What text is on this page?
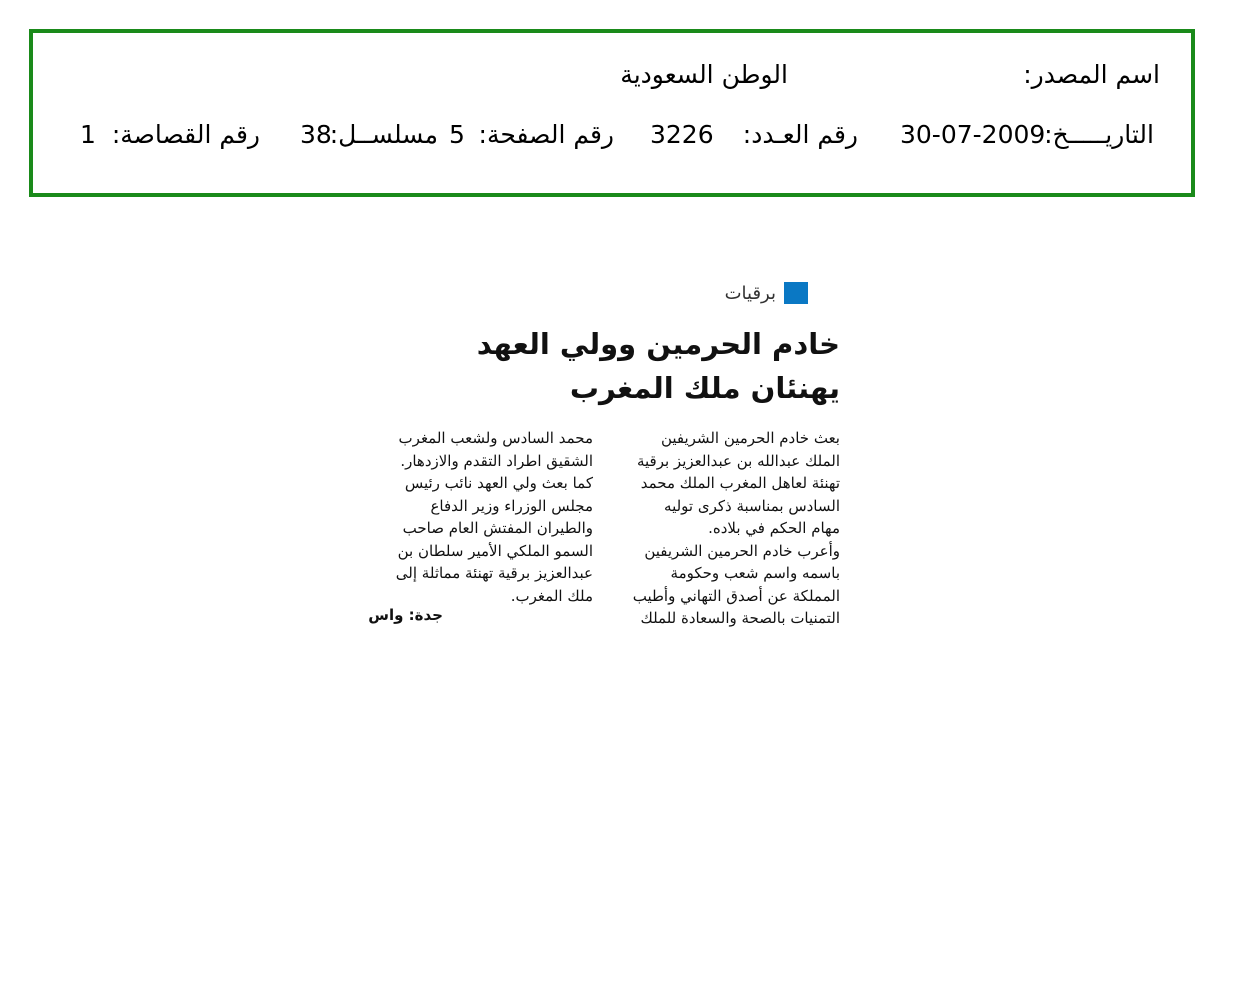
اسم المصدر:
الوطن السعودية
التاريـــــخ:
30-07-2009
رقم العـدد:
3226
رقم الصفحة:
5
مسلســل:
38
رقم القصاصة:
1
برقيات
خادم الحرمين وولي العهد
يهنئان ملك المغرب
بعث خادم الحرمين الشريفين
الملك عبدالله بن عبدالعزيز برقية
تهنئة لعاهل المغرب الملك محمد
السادس بمناسبة ذكرى توليه
مهام الحكم في بلاده.
وأعرب خادم الحرمين الشريفين
باسمه واسم شعب وحكومة
المملكة عن أصدق التهاني وأطيب
التمنيات بالصحة والسعادة للملك
محمد السادس ولشعب المغرب
الشقيق اطراد التقدم والازدهار.
كما بعث ولي العهد نائب رئيس
مجلس الوزراء وزير الدفاع
والطيران المفتش العام صاحب
السمو الملكي الأمير سلطان بن
عبدالعزيز برقية تهنئة مماثلة إلى
ملك المغرب.
جدة: واس
